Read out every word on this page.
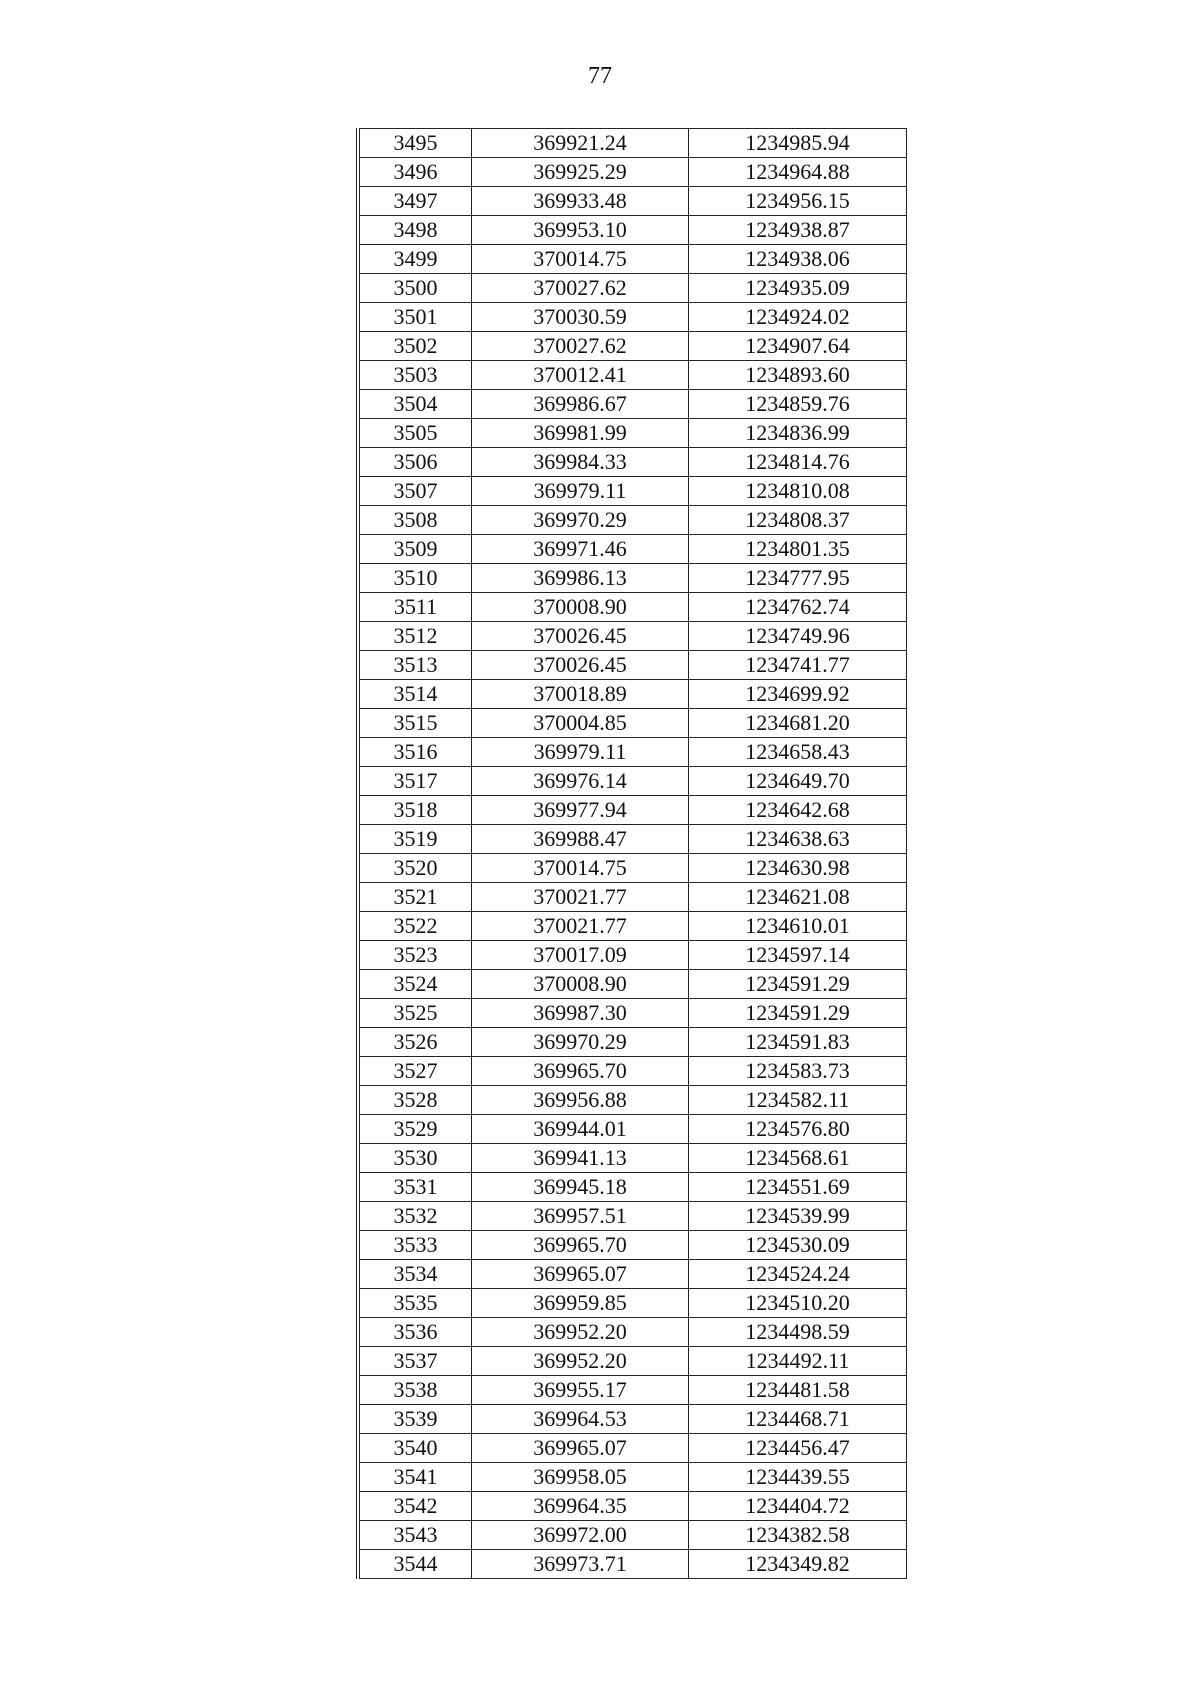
77
3495	369921.24	1234985.94
3496	369925.29	1234964.88
3497	369933.48	1234956.15
3498	369953.10	1234938.87
3499	370014.75	1234938.06
3500	370027.62	1234935.09
3501	370030.59	1234924.02
3502	370027.62	1234907.64
3503	370012.41	1234893.60
3504	369986.67	1234859.76
3505	369981.99	1234836.99
3506	369984.33	1234814.76
3507	369979.11	1234810.08
3508	369970.29	1234808.37
3509	369971.46	1234801.35
3510	369986.13	1234777.95
3511	370008.90	1234762.74
3512	370026.45	1234749.96
3513	370026.45	1234741.77
3514	370018.89	1234699.92
3515	370004.85	1234681.20
3516	369979.11	1234658.43
3517	369976.14	1234649.70
3518	369977.94	1234642.68
3519	369988.47	1234638.63
3520	370014.75	1234630.98
3521	370021.77	1234621.08
3522	370021.77	1234610.01
3523	370017.09	1234597.14
3524	370008.90	1234591.29
3525	369987.30	1234591.29
3526	369970.29	1234591.83
3527	369965.70	1234583.73
3528	369956.88	1234582.11
3529	369944.01	1234576.80
3530	369941.13	1234568.61
3531	369945.18	1234551.69
3532	369957.51	1234539.99
3533	369965.70	1234530.09
3534	369965.07	1234524.24
3535	369959.85	1234510.20
3536	369952.20	1234498.59
3537	369952.20	1234492.11
3538	369955.17	1234481.58
3539	369964.53	1234468.71
3540	369965.07	1234456.47
3541	369958.05	1234439.55
3542	369964.35	1234404.72
3543	369972.00	1234382.58
3544	369973.71	1234349.82
